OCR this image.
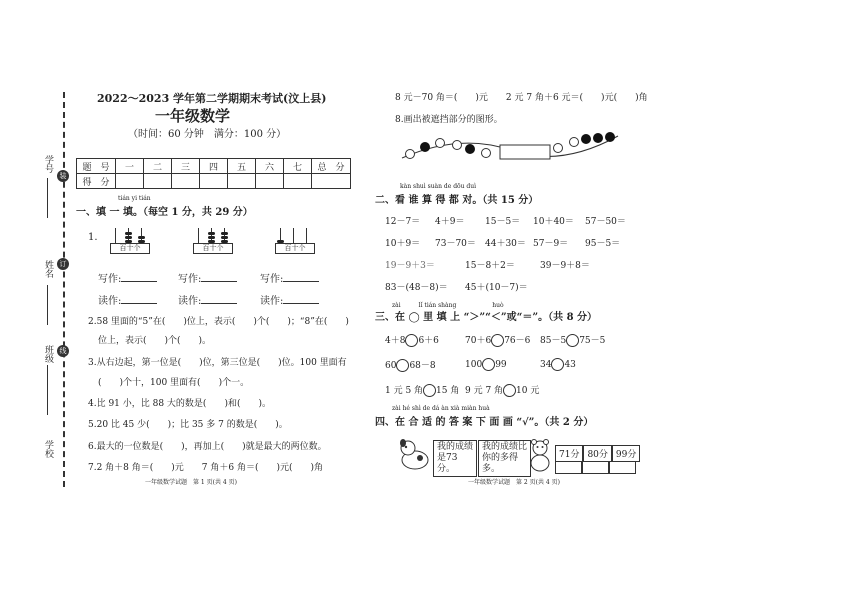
装
订
线
学号
姓名
班级
学校
2022～2023 学年第二学期期末考试(汶上县)
一年级数学
（时间：60 分钟　满分：100 分）
题　号	一	二	三	四	五	六	七	总　分
得　分								
tián yi tián
一、填 一 填。（每空 1 分，共 29 分）
1.
百十个	百十个	百十个
写作:	写作:	写作:
读作:	读作:	读作:
2.58 里面的“5”在(　　)位上，表示(　　)个(　　)；“8”在(　　)
位上，表示(　　)个(　　)。
3.从右边起，第一位是(　　)位，第三位是(　　)位。100 里面有
(　　)个十，100 里面有(　　)个一。
4.比 91 小，比 88 大的数是(　　)和(　　)。
5.20 比 45 少(　　)；比 35 多 7 的数是(　　)。
6.最大的一位数是(　　)，再加上(　　)就是最大的两位数。
7.2 角＋8 角＝(　　)元　　7 角＋6 角＝(　　)元(　　)角
一年级数学试题　第 1 页(共 4 页)
8 元－70 角＝(　　)元　　2 元 7 角＋6 元＝(　　)元(　　)角
8.画出被遮挡部分的图形。
kàn shuì suàn de dōu duì
二、看 谁 算 得 都 对。（共 15 分）
12－7＝ 4＋9＝ 15－5＝ 10＋40＝ 57－50＝
10＋9＝ 73－70＝ 44＋30＝ 57－9＝ 95－5＝
19－9＋3＝	15－8＋2＝	39－9＋8＝
83－(48－8)＝ 45＋(10－7)＝
zài　　　lǐ tián shàng　　　　　　huò
三、在 ◯ 里 填 上 “＞”“＜”或“＝”。（共 8 分）
4＋8 6＋6	70＋6 76－6 85－5 75－5
60 68－8	100 99	34 43
1 元 5 角 15 角 9 元 7 角 10 元
zài hé shì de dá àn xià miàn huà
四、在 合 适 的 答 案 下 面 画 “√”。（共 2 分）
我的成绩是73分。
我的成绩比你的多得多。
71分 80分 99分
一年级数学试题　第 2 页(共 4 页)
